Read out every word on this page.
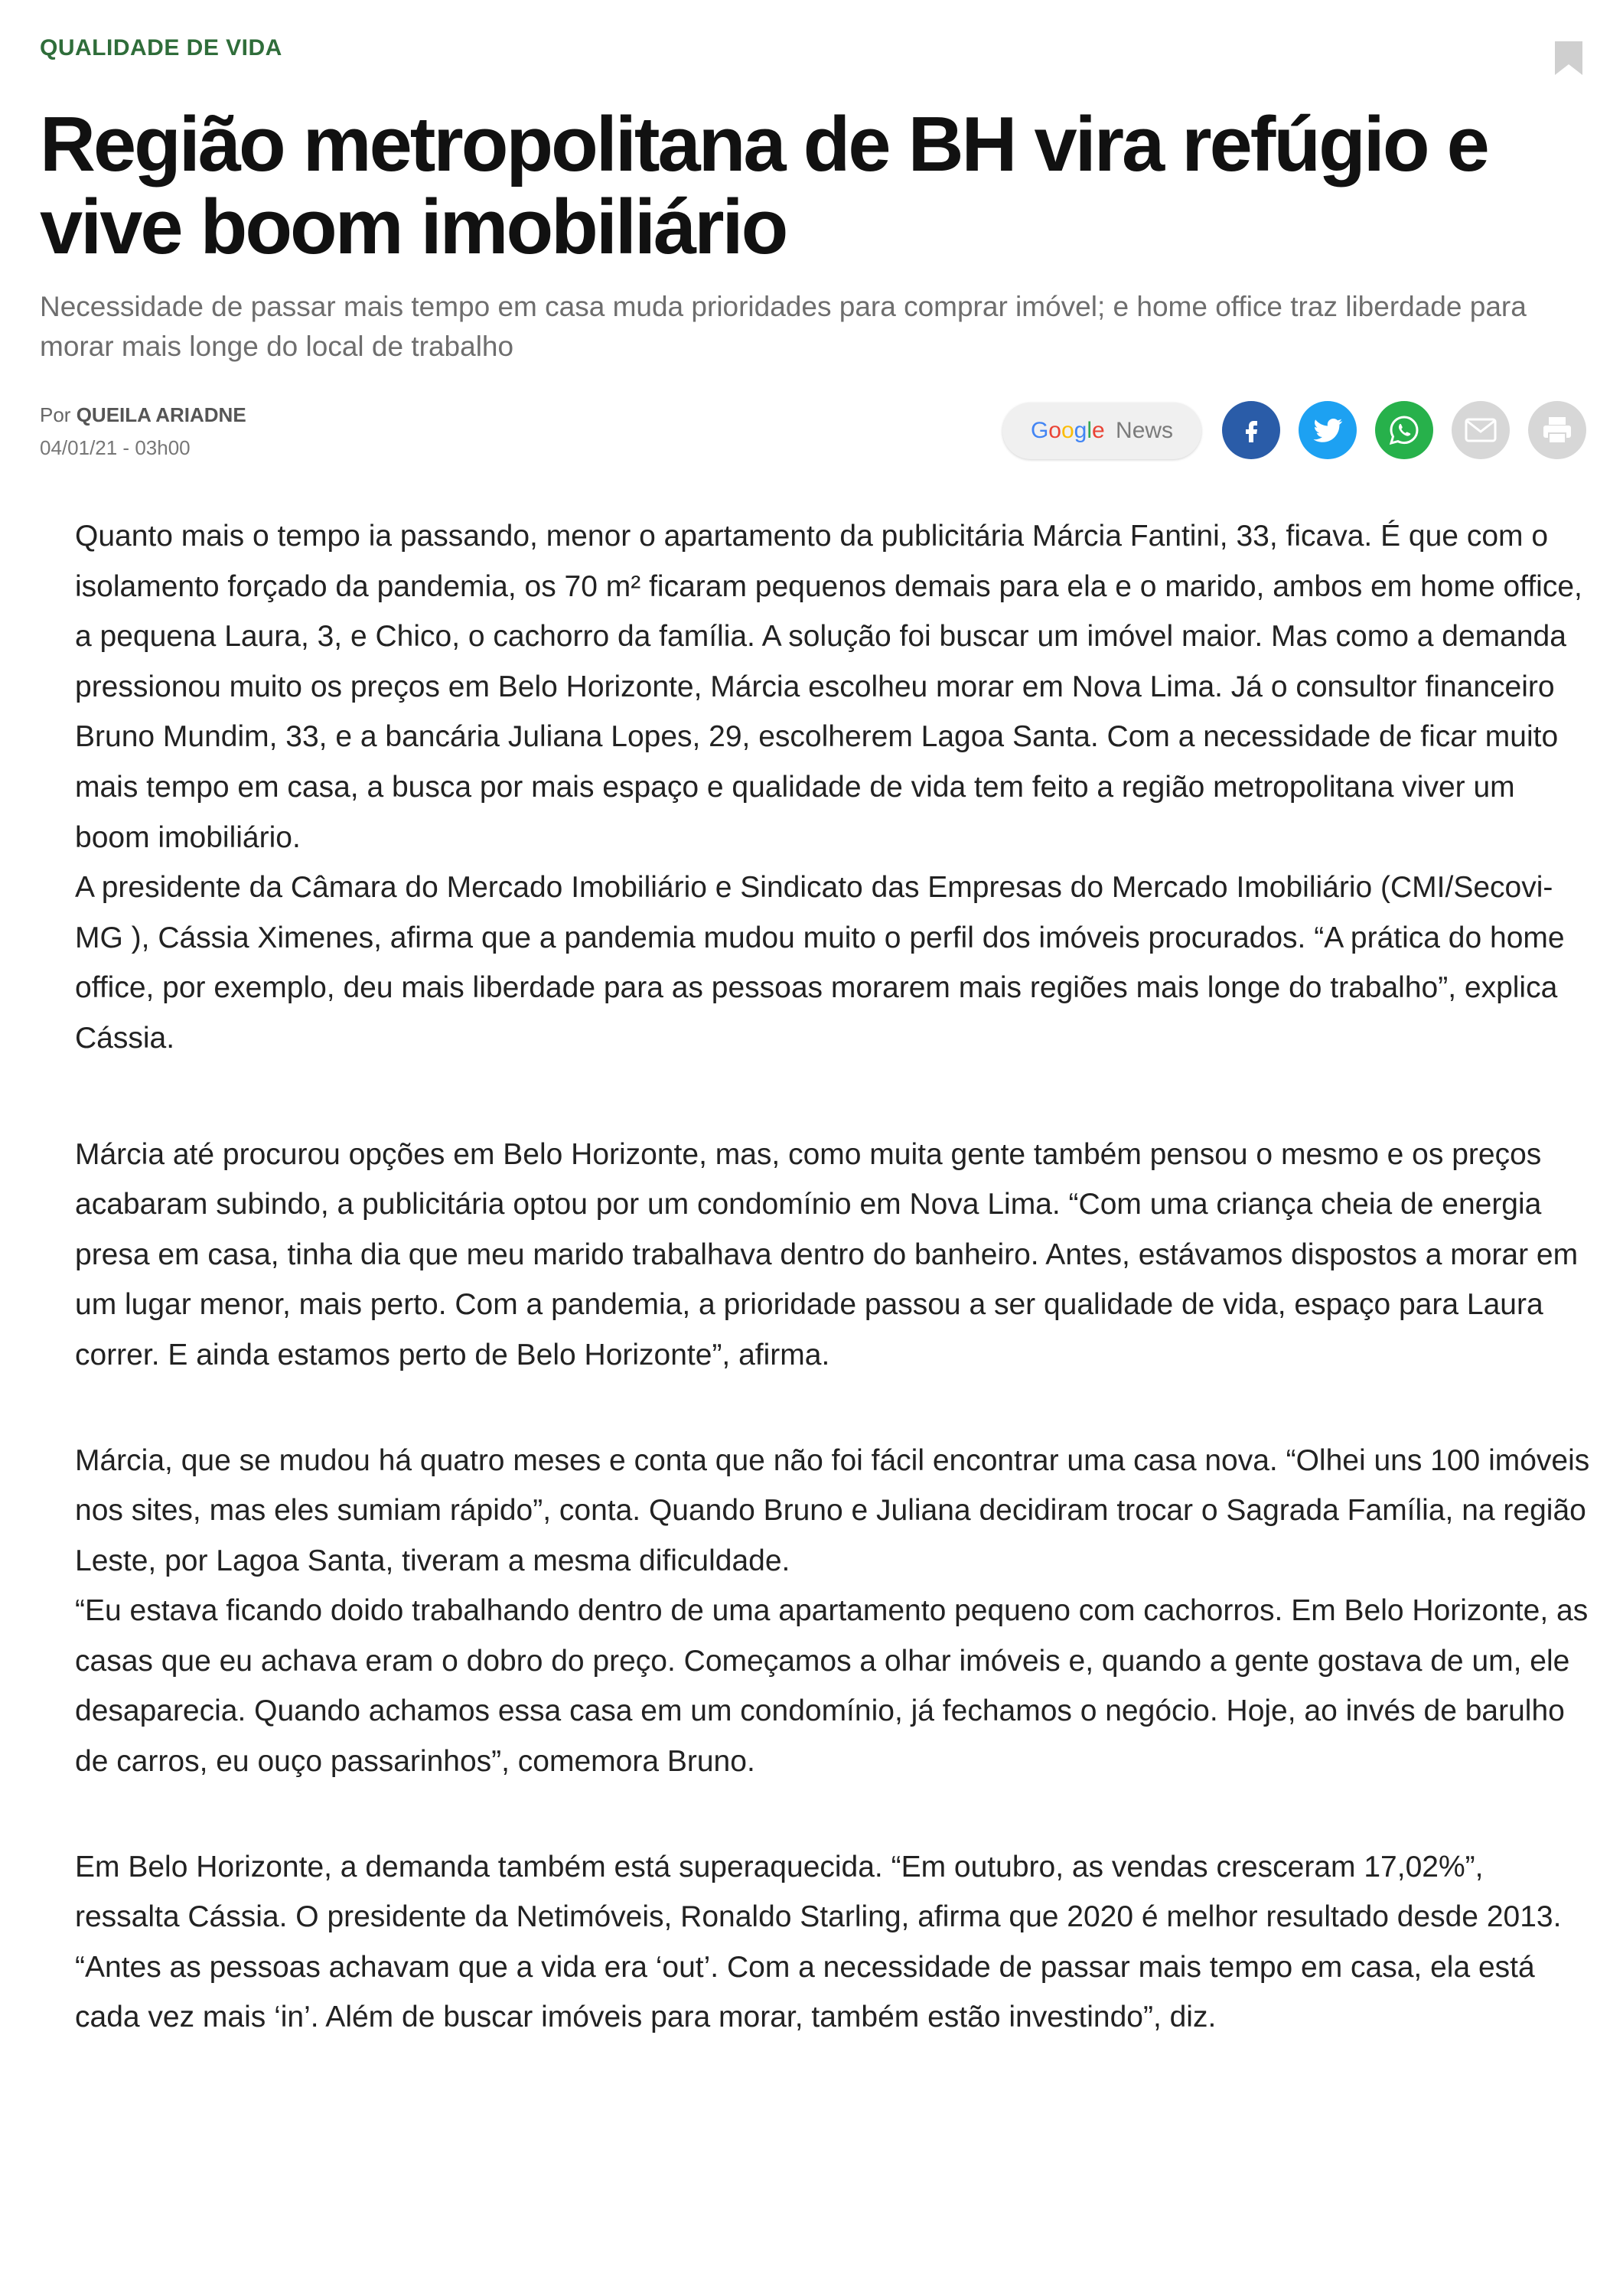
QUALIDADE DE VIDA
Região metropolitana de BH vira refúgio e vive boom imobiliário
Necessidade de passar mais tempo em casa muda prioridades para comprar imóvel; e home office traz liberdade para morar mais longe do local de trabalho
Por QUEILA ARIADNE
04/01/21 - 03h00
Google News

Quanto mais o tempo ia passando, menor o apartamento da publicitária Márcia Fantini, 33, ficava. É que com o isolamento forçado da pandemia, os 70 m² ficaram pequenos demais para ela e o marido, ambos em home office, a pequena Laura, 3, e Chico, o cachorro da família. A solução foi buscar um imóvel maior. Mas como a demanda pressionou muito os preços em Belo Horizonte, Márcia escolheu morar em Nova Lima. Já o consultor financeiro Bruno Mundim, 33, e a bancária Juliana Lopes, 29, escolherem Lagoa Santa. Com a necessidade de ficar muito mais tempo em casa, a busca por mais espaço e qualidade de vida tem feito a região metropolitana viver um boom imobiliário.

A presidente da Câmara do Mercado Imobiliário e Sindicato das Empresas do Mercado Imobiliário (CMI/Secovi-MG ), Cássia Ximenes, afirma que a pandemia mudou muito o perfil dos imóveis procurados. “A prática do home office, por exemplo, deu mais liberdade para as pessoas morarem mais regiões mais longe do trabalho”, explica Cássia.

Márcia até procurou opções em Belo Horizonte, mas, como muita gente também pensou o mesmo e os preços acabaram subindo, a publicitária optou por um condomínio em Nova Lima. “Com uma criança cheia de energia presa em casa, tinha dia que meu marido trabalhava dentro do banheiro. Antes, estávamos dispostos a morar em um lugar menor, mais perto. Com a pandemia, a prioridade passou a ser qualidade de vida, espaço para Laura correr. E ainda estamos perto de Belo Horizonte”, afirma.

Márcia, que se mudou há quatro meses e conta que não foi fácil encontrar uma casa nova. “Olhei uns 100 imóveis nos sites, mas eles sumiam rápido”, conta. Quando Bruno e Juliana decidiram trocar o Sagrada Família, na região Leste, por Lagoa Santa, tiveram a mesma dificuldade.

“Eu estava ficando doido trabalhando dentro de uma apartamento pequeno com cachorros. Em Belo Horizonte, as casas que eu achava eram o dobro do preço. Começamos a olhar imóveis e, quando a gente gostava de um, ele desaparecia. Quando achamos essa casa em um condomínio, já fechamos o negócio. Hoje, ao invés de barulho de carros, eu ouço passarinhos”, comemora Bruno.

Em Belo Horizonte, a demanda também está superaquecida. “Em outubro, as vendas cresceram 17,02%”, ressalta Cássia. O presidente da Netimóveis, Ronaldo Starling, afirma que 2020 é melhor resultado desde 2013. “Antes as pessoas achavam que a vida era ‘out’. Com a necessidade de passar mais tempo em casa, ela está cada vez mais ‘in’. Além de buscar imóveis para morar, também estão investindo”, diz.
